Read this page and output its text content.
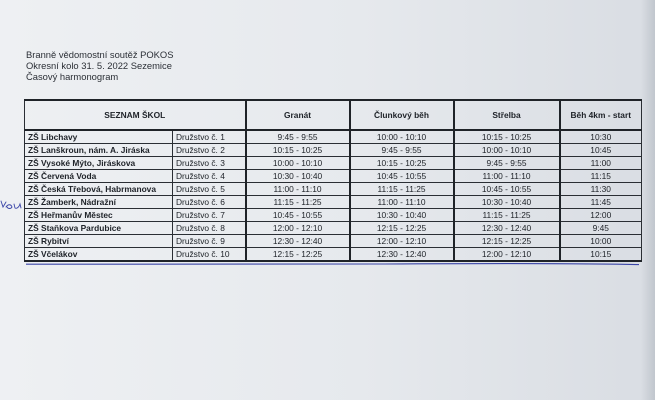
Branně vědomostní soutěž POKOS
Okresní kolo 31. 5. 2022 Sezemice
Časový harmonogram
SEZNAM ŠKOL		Granát	Člunkový běh	Střelba	Běh 4km - start
ZŠ Libchavy	Družstvo č. 1	9:45 - 9:55	10:00 - 10:10	10:15 - 10:25	10:30
ZŠ Lanškroun, nám. A. Jiráska	Družstvo č. 2	10:15 - 10:25	9:45 - 9:55	10:00 - 10:10	10:45
ZŠ Vysoké Mýto, Jiráskova	Družstvo č. 3	10:00 - 10:10	10:15 - 10:25	9:45 - 9:55	11:00
ZŠ Červená Voda	Družstvo č. 4	10:30 - 10:40	10:45 - 10:55	11:00 - 11:10	11:15
ZŠ Česká Třebová, Habrmanova	Družstvo č. 5	11:00 - 11:10	11:15 - 11:25	10:45 - 10:55	11:30
ZŠ Žamberk, Nádražní	Družstvo č. 6	11:15 - 11:25	11:00 - 11:10	10:30 - 10:40	11:45
ZŠ Heřmanův Městec	Družstvo č. 7	10:45 - 10:55	10:30 - 10:40	11:15 - 11:25	12:00
ZŠ Staňkova Pardubice	Družstvo č. 8	12:00 - 12:10	12:15 - 12:25	12:30 - 12:40	9:45
ZŠ Rybitví	Družstvo č. 9	12:30 - 12:40	12:00 - 12:10	12:15 - 12:25	10:00
ZŠ Včelákov	Družstvo č. 10	12:15 - 12:25	12:30 - 12:40	12:00 - 12:10	10:15
